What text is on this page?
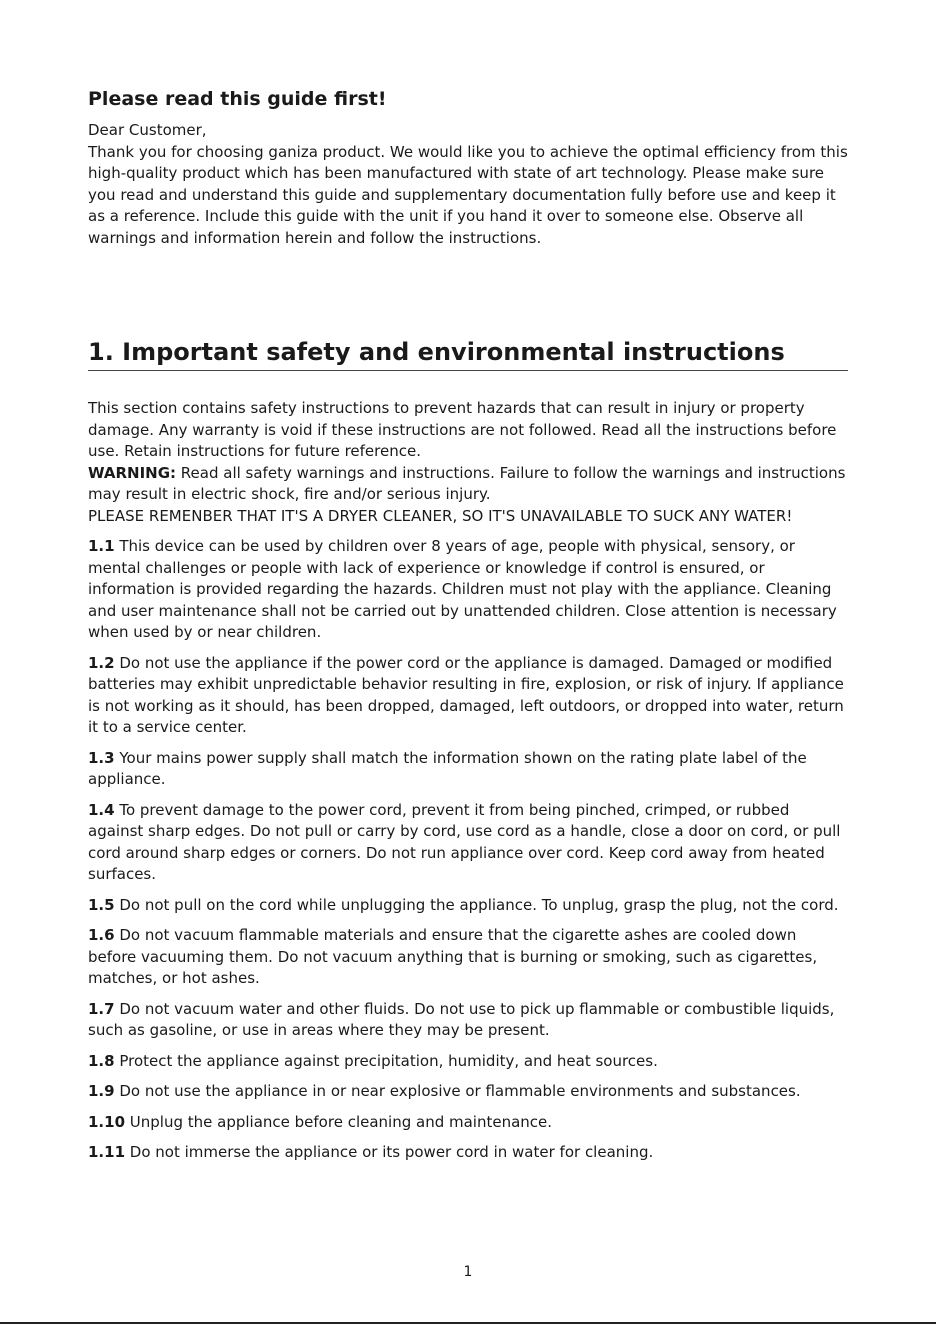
Please read this guide first!

Dear Customer,

Thank you for choosing ganiza product. We would like you to achieve the optimal efficiency from this high-quality product which has been manufactured with state of art technology. Please make sure you read and understand this guide and supplementary documentation fully before use and keep it as a reference. Include this guide with the unit if you hand it over to someone else. Observe all warnings and information herein and follow the instructions.

1. Important safety and environmental instructions

This section contains safety instructions to prevent hazards that can result in injury or property damage. Any warranty is void if these instructions are not followed. Read all the instructions before use. Retain instructions for future reference.

WARNING: Read all safety warnings and instructions. Failure to follow the warnings and instructions may result in electric shock, fire and/or serious injury.

PLEASE REMENBER THAT IT'S A DRYER CLEANER, SO IT'S UNAVAILABLE TO SUCK ANY WATER!

1.1 This device can be used by children over 8 years of age, people with physical, sensory, or mental challenges or people with lack of experience or knowledge if control is ensured, or information is provided regarding the hazards. Children must not play with the appliance. Cleaning and user maintenance shall not be carried out by unattended children. Close attention is necessary when used by or near children.

1.2 Do not use the appliance if the power cord or the appliance is damaged. Damaged or modified batteries may exhibit unpredictable behavior resulting in fire, explosion, or risk of injury. If appliance is not working as it should, has been dropped, damaged, left outdoors, or dropped into water, return it to a service center.

1.3 Your mains power supply shall match the information shown on the rating plate label of the appliance.

1.4 To prevent damage to the power cord, prevent it from being pinched, crimped, or rubbed against sharp edges. Do not pull or carry by cord, use cord as a handle, close a door on cord, or pull cord around sharp edges or corners. Do not run appliance over cord. Keep cord away from heated surfaces.

1.5 Do not pull on the cord while unplugging the appliance. To unplug, grasp the plug, not the cord.

1.6 Do not vacuum flammable materials and ensure that the cigarette ashes are cooled down before vacuuming them. Do not vacuum anything that is burning or smoking, such as cigarettes, matches, or hot ashes.

1.7 Do not vacuum water and other fluids. Do not use to pick up flammable or combustible liquids, such as gasoline, or use in areas where they may be present.

1.8 Protect the appliance against precipitation, humidity, and heat sources.

1.9 Do not use the appliance in or near explosive or flammable environments and substances.

1.10 Unplug the appliance before cleaning and maintenance.

1.11 Do not immerse the appliance or its power cord in water for cleaning.

1
